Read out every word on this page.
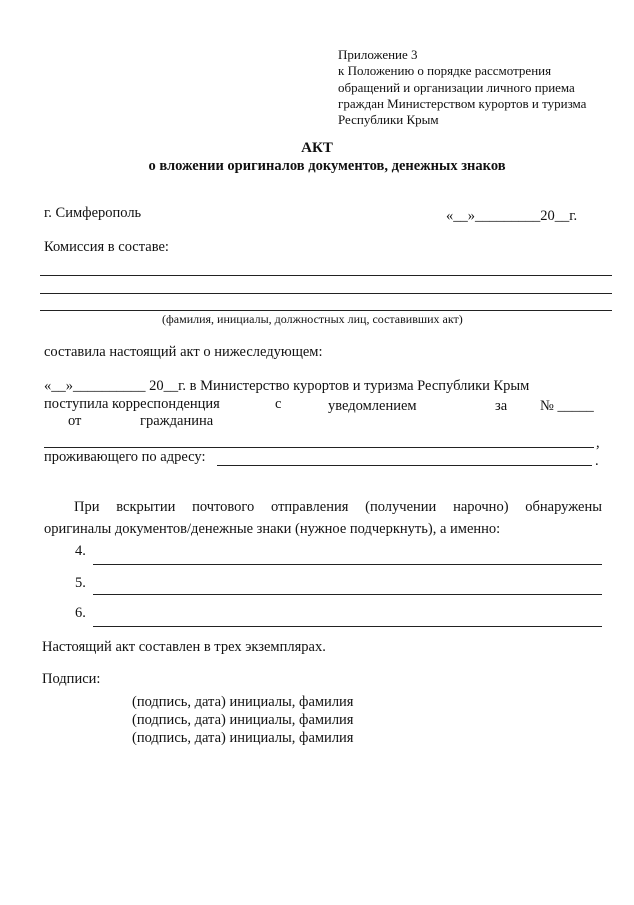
Приложение 3
к Положению о порядке рассмотрения
обращений и организации личного приема
граждан Министерством курортов и туризма
Республики Крым
АКТ
о вложении оригиналов документов, денежных знаков
г. Симферополь	«__»_________20__г.
Комиссия в составе:
(фамилия, инициалы, должностных лиц, составивших акт)
составила настоящий акт о нижеследующем:
«__»__________ 20__г. в Министерство курортов и туризма Республики Крым
поступила корреспонденция	с	уведомлением	за № _____
от	гражданина
,
проживающего по адресу:	.
При вскрытии почтового отправления (получении нарочно) обнаружены
оригиналы документов/денежные знаки (нужное подчеркнуть), а именно:
4.
5.
6.
Настоящий акт составлен в трех экземплярах.
Подписи:
(подпись, дата) инициалы, фамилия
(подпись, дата) инициалы, фамилия
(подпись, дата) инициалы, фамилия
